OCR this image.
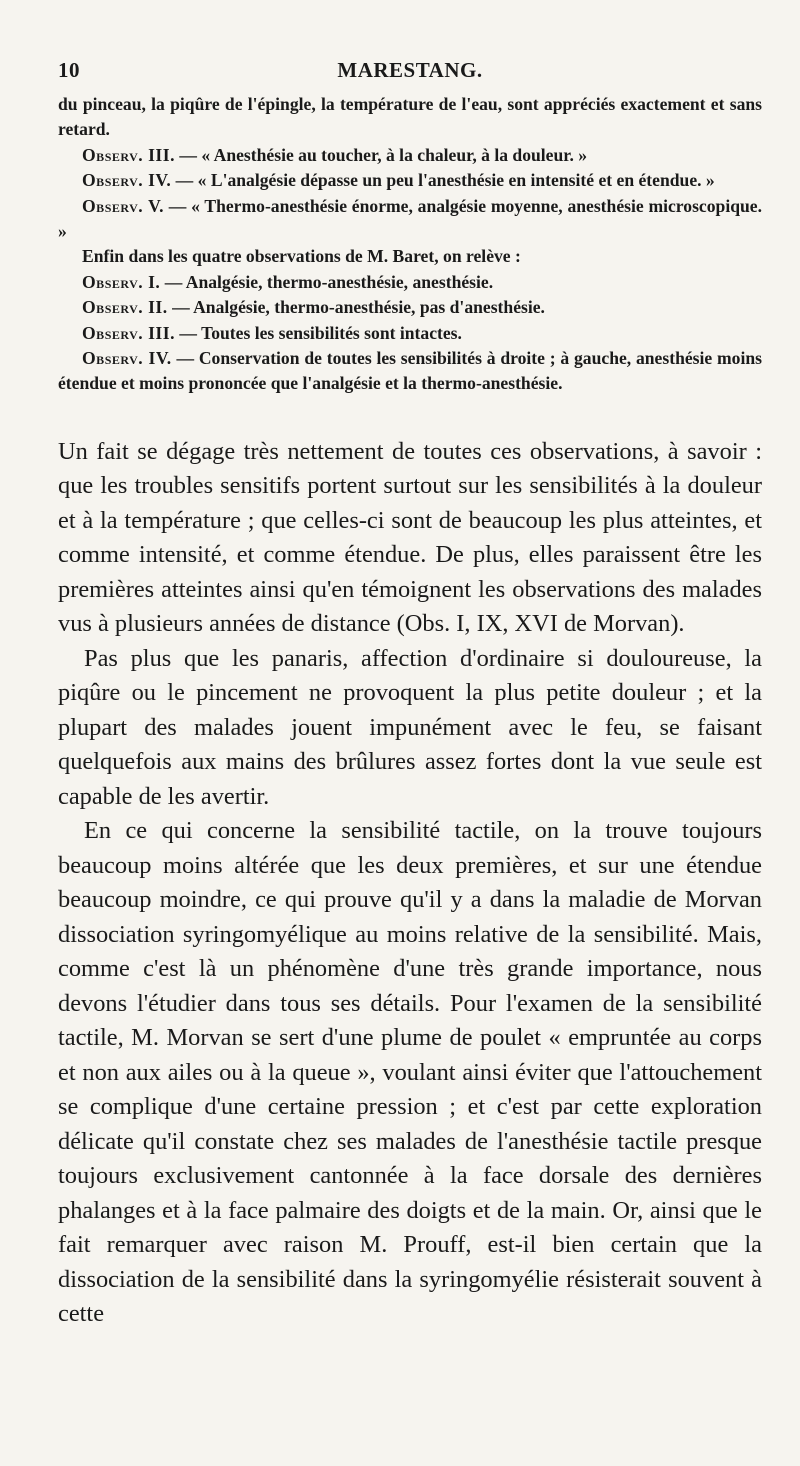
10	MARESTANG.

du pinceau, la piqûre de l'épingle, la température de l'eau, sont appréciés exactement et sans retard.

Observ. III. — « Anesthésie au toucher, à la chaleur, à la douleur. »

Observ. IV. — « L'analgésie dépasse un peu l'anesthésie en intensité et en étendue. »

Observ. V. — « Thermo-anesthésie énorme, analgésie moyenne, anesthésie microscopique. »

Enfin dans les quatre observations de M. Baret, on relève :

Observ. I. — Analgésie, thermo-anesthésie, anesthésie.

Observ. II. — Analgésie, thermo-anesthésie, pas d'anesthésie.

Observ. III. — Toutes les sensibilités sont intactes.

Observ. IV. — Conservation de toutes les sensibilités à droite ; à gauche, anesthésie moins étendue et moins prononcée que l'analgésie et la thermo-anesthésie.

Un fait se dégage très nettement de toutes ces observations, à savoir : que les troubles sensitifs portent surtout sur les sensibilités à la douleur et à la température ; que celles-ci sont de beaucoup les plus atteintes, et comme intensité, et comme étendue. De plus, elles paraissent être les premières atteintes ainsi qu'en témoignent les observations des malades vus à plusieurs années de distance (Obs. I, IX, XVI de Morvan).

Pas plus que les panaris, affection d'ordinaire si douloureuse, la piqûre ou le pincement ne provoquent la plus petite douleur ; et la plupart des malades jouent impunément avec le feu, se faisant quelquefois aux mains des brûlures assez fortes dont la vue seule est capable de les avertir.

En ce qui concerne la sensibilité tactile, on la trouve toujours beaucoup moins altérée que les deux premières, et sur une étendue beaucoup moindre, ce qui prouve qu'il y a dans la maladie de Morvan dissociation syringomyélique au moins relative de la sensibilité. Mais, comme c'est là un phénomène d'une très grande importance, nous devons l'étudier dans tous ses détails. Pour l'examen de la sensibilité tactile, M. Morvan se sert d'une plume de poulet « empruntée au corps et non aux ailes ou à la queue », voulant ainsi éviter que l'attouchement se complique d'une certaine pression ; et c'est par cette exploration délicate qu'il constate chez ses malades de l'anesthésie tactile presque toujours exclusivement cantonnée à la face dorsale des dernières phalanges et à la face palmaire des doigts et de la main. Or, ainsi que le fait remarquer avec raison M. Prouff, est-il bien certain que la dissociation de la sensibilité dans la syringomyélie résisterait souvent à cette
